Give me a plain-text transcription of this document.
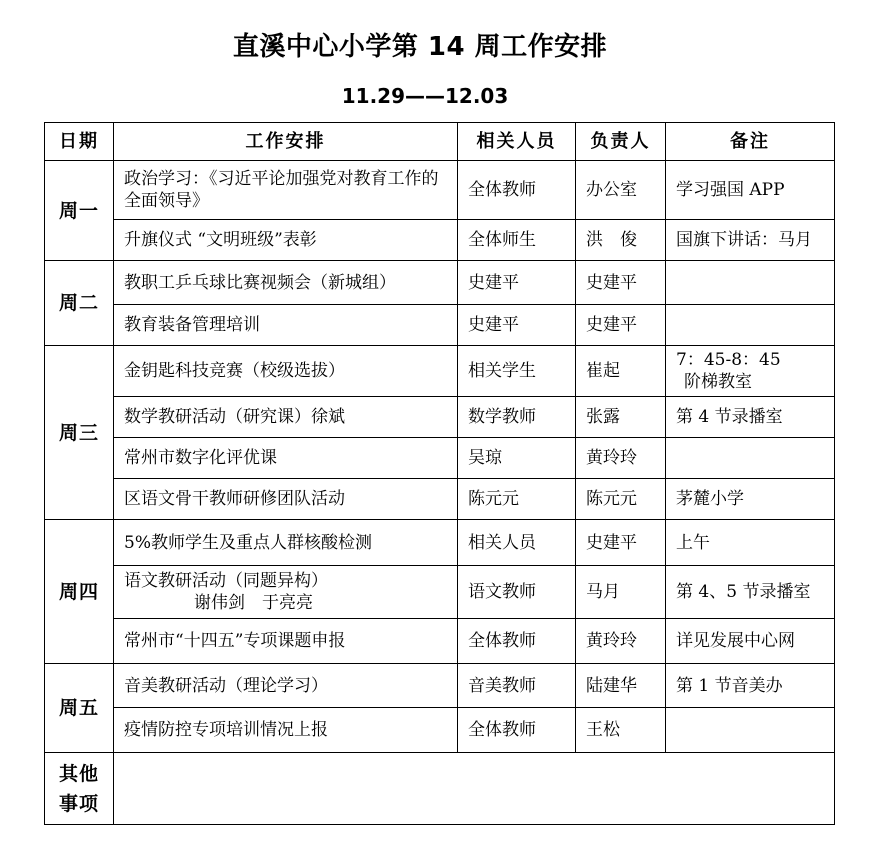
直溪中心小学第 14 周工作安排
11.29——12.03
日期	工作安排	相关人员	负责人	备注
周一	政治学习：《习近平论加强党对教育工作的全面领导》	全体教师	办公室	学习强国 APP
	升旗仪式 “文明班级”表彰	全体师生	洪　俊	国旗下讲话：马月
周二	教职工乒乓球比赛视频会（新城组）	史建平	史建平	
	教育装备管理培训	史建平	史建平	
周三	金钥匙科技竞赛（校级选拔）	相关学生	崔起	7：45-8：45
阶梯教室

	数学教研活动（研究课）徐斌	数学教师	张露	第 4 节录播室
	常州市数字化评优课	吴琼	黄玲玲	
	区语文骨干教师研修团队活动	陈元元	陈元元	茅麓小学
周四	5%教师学生及重点人群核酸检测	相关人员	史建平	上午

	语文教研活动（同题异构）
谢伟剑　于亮亮	语文教师	马月	第 4、5 节录播室
	常州市“十四五”专项课题申报	全体教师	黄玲玲	详见发展中心网
周五	音美教研活动（理论学习）	音美教师	陆建华	第 1 节音美办
	疫情防控专项培训情况上报	全体教师	王松	

其他
事项				
